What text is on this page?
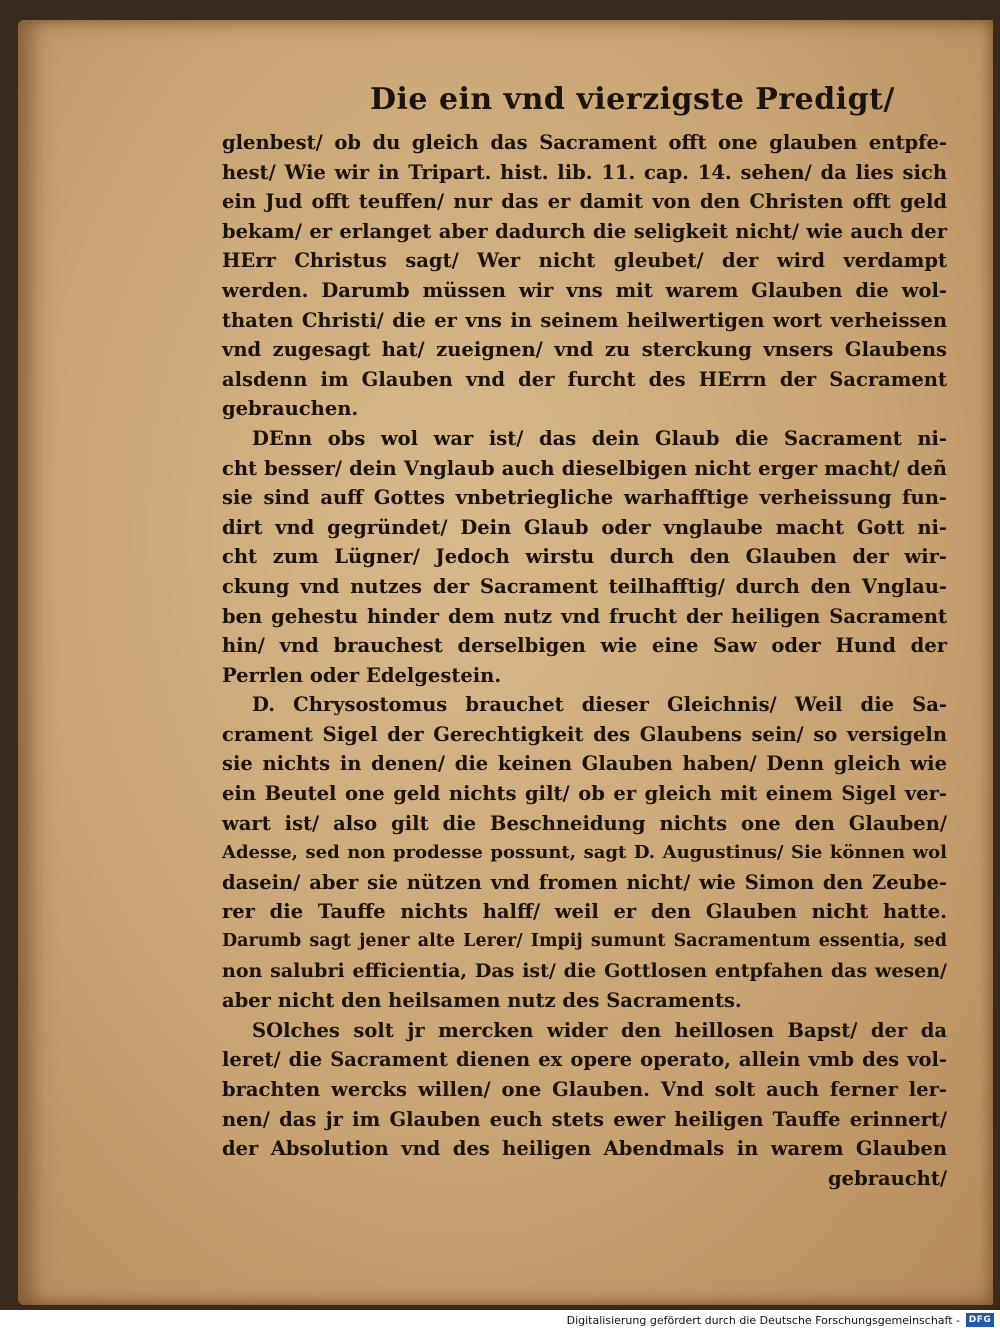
Die ein vnd vierzigste Predigt/
glenbest/ ob du gleich das Sacrament offt one glauben entpfe-
hest/ Wie wir in Tripart. hist. lib. 11. cap. 14. sehen/ da lies sich
ein Jud offt teuffen/ nur das er damit von den Christen offt geld
bekam/ er erlanget aber dadurch die seligkeit nicht/ wie auch der
HErr Christus sagt/ Wer nicht gleubet/ der wird verdampt
werden. Darumb müssen wir vns mit warem Glauben die wol-
thaten Christi/ die er vns in seinem heilwertigen wort verheissen
vnd zugesagt hat/ zueignen/ vnd zu sterckung vnsers Glaubens
alsdenn im Glauben vnd der furcht des HErrn der Sacrament
gebrauchen.
DEnn obs wol war ist/ das dein Glaub die Sacrament ni-
cht besser/ dein Vnglaub auch dieselbigen nicht erger macht/ deñ
sie sind auff Gottes vnbetriegliche warhafftige verheissung fun-
dirt vnd gegründet/ Dein Glaub oder vnglaube macht Gott ni-
cht zum Lügner/ Jedoch wirstu durch den Glauben der wir-
ckung vnd nutzes der Sacrament teilhafftig/ durch den Vnglau-
ben gehestu hinder dem nutz vnd frucht der heiligen Sacrament
hin/ vnd brauchest derselbigen wie eine Saw oder Hund der
Perrlen oder Edelgestein.
D. Chrysostomus brauchet dieser Gleichnis/ Weil die Sa-
crament Sigel der Gerechtigkeit des Glaubens sein/ so versigeln
sie nichts in denen/ die keinen Glauben haben/ Denn gleich wie
ein Beutel one geld nichts gilt/ ob er gleich mit einem Sigel ver-
wart ist/ also gilt die Beschneidung nichts one den Glauben/
Adesse, sed non prodesse possunt, sagt D. Augustinus/ Sie können wol
dasein/ aber sie nützen vnd fromen nicht/ wie Simon den Zeube-
rer die Tauffe nichts halff/ weil er den Glauben nicht hatte.
Darumb sagt jener alte Lerer/ Impij sumunt Sacramentum essentia, sed
non salubri efficientia, Das ist/ die Gottlosen entpfahen das wesen/
aber nicht den heilsamen nutz des Sacraments.
SOlches solt jr mercken wider den heillosen Bapst/ der da
leret/ die Sacrament dienen ex opere operato, allein vmb des vol-
brachten wercks willen/ one Glauben. Vnd solt auch ferner ler-
nen/ das jr im Glauben euch stets ewer heiligen Tauffe erinnert/
der Absolution vnd des heiligen Abendmals in warem Glauben
gebraucht/
Digitalisierung gefördert durch die Deutsche Forschungsgemeinschaft - DFG
